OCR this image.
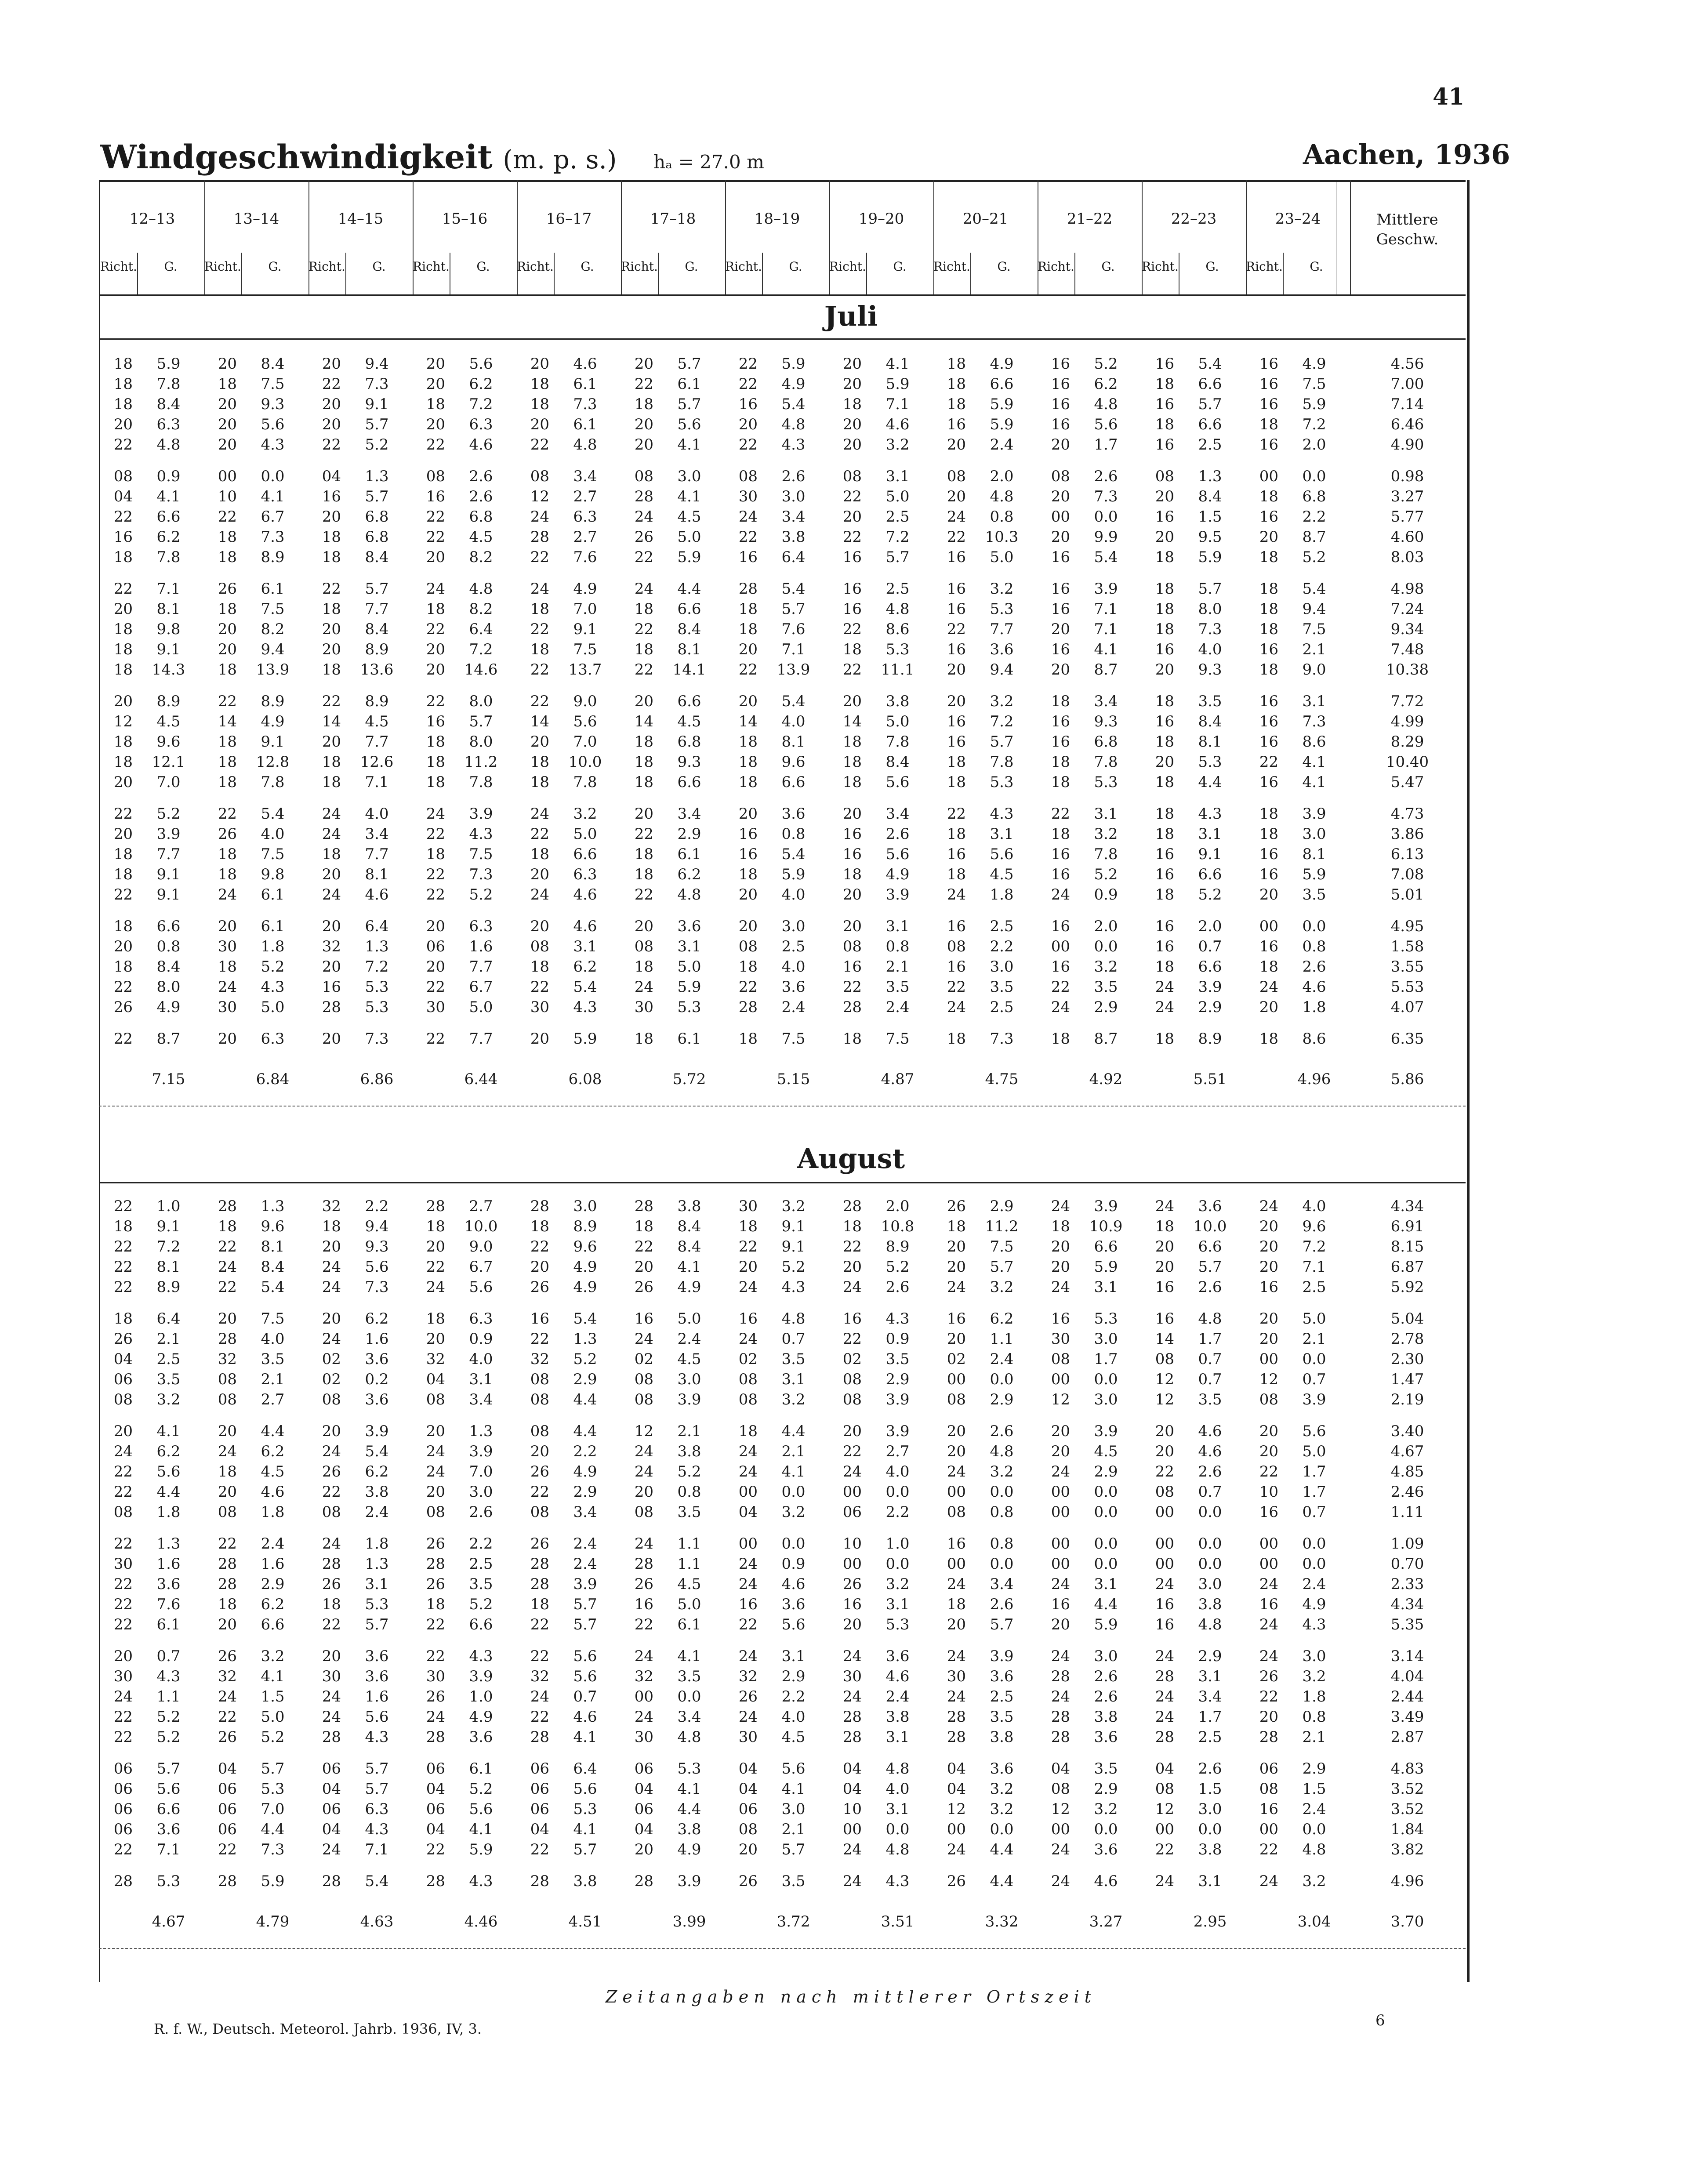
41
Windgeschwindigkeit (m. p. s.) hₐ = 27.0 m	Aachen, 1936
12–13
Richt.	G.
13–14
Richt.	G.
14–15
Richt.	G.
15–16
Richt.	G.
16–17
Richt.	G.
17–18
Richt.	G.
18–19
Richt.	G.
19–20
Richt.	G.
20–21
Richt.	G.
21–22
Richt.	G.
22–23
Richt.	G.
23–24
Richt.	G.
Mittlere
Geschw.
Juli
18	5.9	20	8.4	20	9.4	20	5.6	20	4.6	20	5.7	22	5.9	20	4.1	18	4.9	16	5.2	16	5.4	16	4.9	4.56
18	7.8	18	7.5	22	7.3	20	6.2	18	6.1	22	6.1	22	4.9	20	5.9	18	6.6	16	6.2	18	6.6	16	7.5	7.00
18	8.4	20	9.3	20	9.1	18	7.2	18	7.3	18	5.7	16	5.4	18	7.1	18	5.9	16	4.8	16	5.7	16	5.9	7.14
20	6.3	20	5.6	20	5.7	20	6.3	20	6.1	20	5.6	20	4.8	20	4.6	16	5.9	16	5.6	18	6.6	18	7.2	6.46
22	4.8	20	4.3	22	5.2	22	4.6	22	4.8	20	4.1	22	4.3	20	3.2	20	2.4	20	1.7	16	2.5	16	2.0	4.90
08	0.9	00	0.0	04	1.3	08	2.6	08	3.4	08	3.0	08	2.6	08	3.1	08	2.0	08	2.6	08	1.3	00	0.0	0.98
04	4.1	10	4.1	16	5.7	16	2.6	12	2.7	28	4.1	30	3.0	22	5.0	20	4.8	20	7.3	20	8.4	18	6.8	3.27
22	6.6	22	6.7	20	6.8	22	6.8	24	6.3	24	4.5	24	3.4	20	2.5	24	0.8	00	0.0	16	1.5	16	2.2	5.77
16	6.2	18	7.3	18	6.8	22	4.5	28	2.7	26	5.0	22	3.8	22	7.2	22	10.3	20	9.9	20	9.5	20	8.7	4.60
18	7.8	18	8.9	18	8.4	20	8.2	22	7.6	22	5.9	16	6.4	16	5.7	16	5.0	16	5.4	18	5.9	18	5.2	8.03
22	7.1	26	6.1	22	5.7	24	4.8	24	4.9	24	4.4	28	5.4	16	2.5	16	3.2	16	3.9	18	5.7	18	5.4	4.98
20	8.1	18	7.5	18	7.7	18	8.2	18	7.0	18	6.6	18	5.7	16	4.8	16	5.3	16	7.1	18	8.0	18	9.4	7.24
18	9.8	20	8.2	20	8.4	22	6.4	22	9.1	22	8.4	18	7.6	22	8.6	22	7.7	20	7.1	18	7.3	18	7.5	9.34
18	9.1	20	9.4	20	8.9	20	7.2	18	7.5	18	8.1	20	7.1	18	5.3	16	3.6	16	4.1	16	4.0	16	2.1	7.48
18	14.3	18	13.9	18	13.6	20	14.6	22	13.7	22	14.1	22	13.9	22	11.1	20	9.4	20	8.7	20	9.3	18	9.0	10.38
20	8.9	22	8.9	22	8.9	22	8.0	22	9.0	20	6.6	20	5.4	20	3.8	20	3.2	18	3.4	18	3.5	16	3.1	7.72
12	4.5	14	4.9	14	4.5	16	5.7	14	5.6	14	4.5	14	4.0	14	5.0	16	7.2	16	9.3	16	8.4	16	7.3	4.99
18	9.6	18	9.1	20	7.7	18	8.0	20	7.0	18	6.8	18	8.1	18	7.8	16	5.7	16	6.8	18	8.1	16	8.6	8.29
18	12.1	18	12.8	18	12.6	18	11.2	18	10.0	18	9.3	18	9.6	18	8.4	18	7.8	18	7.8	20	5.3	22	4.1	10.40
20	7.0	18	7.8	18	7.1	18	7.8	18	7.8	18	6.6	18	6.6	18	5.6	18	5.3	18	5.3	18	4.4	16	4.1	5.47
22	5.2	22	5.4	24	4.0	24	3.9	24	3.2	20	3.4	20	3.6	20	3.4	22	4.3	22	3.1	18	4.3	18	3.9	4.73
20	3.9	26	4.0	24	3.4	22	4.3	22	5.0	22	2.9	16	0.8	16	2.6	18	3.1	18	3.2	18	3.1	18	3.0	3.86
18	7.7	18	7.5	18	7.7	18	7.5	18	6.6	18	6.1	16	5.4	16	5.6	16	5.6	16	7.8	16	9.1	16	8.1	6.13
18	9.1	18	9.8	20	8.1	22	7.3	20	6.3	18	6.2	18	5.9	18	4.9	18	4.5	16	5.2	16	6.6	16	5.9	7.08
22	9.1	24	6.1	24	4.6	22	5.2	24	4.6	22	4.8	20	4.0	20	3.9	24	1.8	24	0.9	18	5.2	20	3.5	5.01
18	6.6	20	6.1	20	6.4	20	6.3	20	4.6	20	3.6	20	3.0	20	3.1	16	2.5	16	2.0	16	2.0	00	0.0	4.95
20	0.8	30	1.8	32	1.3	06	1.6	08	3.1	08	3.1	08	2.5	08	0.8	08	2.2	00	0.0	16	0.7	16	0.8	1.58
18	8.4	18	5.2	20	7.2	20	7.7	18	6.2	18	5.0	18	4.0	16	2.1	16	3.0	16	3.2	18	6.6	18	2.6	3.55
22	8.0	24	4.3	16	5.3	22	6.7	22	5.4	24	5.9	22	3.6	22	3.5	22	3.5	22	3.5	24	3.9	24	4.6	5.53
26	4.9	30	5.0	28	5.3	30	5.0	30	4.3	30	5.3	28	2.4	28	2.4	24	2.5	24	2.9	24	2.9	20	1.8	4.07
22	8.7	20	6.3	20	7.3	22	7.7	20	5.9	18	6.1	18	7.5	18	7.5	18	7.3	18	8.7	18	8.9	18	8.6	6.35
7.15	6.84	6.86	6.44	6.08	5.72	5.15	4.87	4.75	4.92	5.51	4.96	5.86
August
22	1.0	28	1.3	32	2.2	28	2.7	28	3.0	28	3.8	30	3.2	28	2.0	26	2.9	24	3.9	24	3.6	24	4.0	4.34
18	9.1	18	9.6	18	9.4	18	10.0	18	8.9	18	8.4	18	9.1	18	10.8	18	11.2	18	10.9	18	10.0	20	9.6	6.91
22	7.2	22	8.1	20	9.3	20	9.0	22	9.6	22	8.4	22	9.1	22	8.9	20	7.5	20	6.6	20	6.6	20	7.2	8.15
22	8.1	24	8.4	24	5.6	22	6.7	20	4.9	20	4.1	20	5.2	20	5.2	20	5.7	20	5.9	20	5.7	20	7.1	6.87
22	8.9	22	5.4	24	7.3	24	5.6	26	4.9	26	4.9	24	4.3	24	2.6	24	3.2	24	3.1	16	2.6	16	2.5	5.92
18	6.4	20	7.5	20	6.2	18	6.3	16	5.4	16	5.0	16	4.8	16	4.3	16	6.2	16	5.3	16	4.8	20	5.0	5.04
26	2.1	28	4.0	24	1.6	20	0.9	22	1.3	24	2.4	24	0.7	22	0.9	20	1.1	30	3.0	14	1.7	20	2.1	2.78
04	2.5	32	3.5	02	3.6	32	4.0	32	5.2	02	4.5	02	3.5	02	3.5	02	2.4	08	1.7	08	0.7	00	0.0	2.30
06	3.5	08	2.1	02	0.2	04	3.1	08	2.9	08	3.0	08	3.1	08	2.9	00	0.0	00	0.0	12	0.7	12	0.7	1.47
08	3.2	08	2.7	08	3.6	08	3.4	08	4.4	08	3.9	08	3.2	08	3.9	08	2.9	12	3.0	12	3.5	08	3.9	2.19
20	4.1	20	4.4	20	3.9	20	1.3	08	4.4	12	2.1	18	4.4	20	3.9	20	2.6	20	3.9	20	4.6	20	5.6	3.40
24	6.2	24	6.2	24	5.4	24	3.9	20	2.2	24	3.8	24	2.1	22	2.7	20	4.8	20	4.5	20	4.6	20	5.0	4.67
22	5.6	18	4.5	26	6.2	24	7.0	26	4.9	24	5.2	24	4.1	24	4.0	24	3.2	24	2.9	22	2.6	22	1.7	4.85
22	4.4	20	4.6	22	3.8	20	3.0	22	2.9	20	0.8	00	0.0	00	0.0	00	0.0	00	0.0	08	0.7	10	1.7	2.46
08	1.8	08	1.8	08	2.4	08	2.6	08	3.4	08	3.5	04	3.2	06	2.2	08	0.8	00	0.0	00	0.0	16	0.7	1.11
22	1.3	22	2.4	24	1.8	26	2.2	26	2.4	24	1.1	00	0.0	10	1.0	16	0.8	00	0.0	00	0.0	00	0.0	1.09
30	1.6	28	1.6	28	1.3	28	2.5	28	2.4	28	1.1	24	0.9	00	0.0	00	0.0	00	0.0	00	0.0	00	0.0	0.70
22	3.6	28	2.9	26	3.1	26	3.5	28	3.9	26	4.5	24	4.6	26	3.2	24	3.4	24	3.1	24	3.0	24	2.4	2.33
22	7.6	18	6.2	18	5.3	18	5.2	18	5.7	16	5.0	16	3.6	16	3.1	18	2.6	16	4.4	16	3.8	16	4.9	4.34
22	6.1	20	6.6	22	5.7	22	6.6	22	5.7	22	6.1	22	5.6	20	5.3	20	5.7	20	5.9	16	4.8	24	4.3	5.35
20	0.7	26	3.2	20	3.6	22	4.3	22	5.6	24	4.1	24	3.1	24	3.6	24	3.9	24	3.0	24	2.9	24	3.0	3.14
30	4.3	32	4.1	30	3.6	30	3.9	32	5.6	32	3.5	32	2.9	30	4.6	30	3.6	28	2.6	28	3.1	26	3.2	4.04
24	1.1	24	1.5	24	1.6	26	1.0	24	0.7	00	0.0	26	2.2	24	2.4	24	2.5	24	2.6	24	3.4	22	1.8	2.44
22	5.2	22	5.0	24	5.6	24	4.9	22	4.6	24	3.4	24	4.0	28	3.8	28	3.5	28	3.8	24	1.7	20	0.8	3.49
22	5.2	26	5.2	28	4.3	28	3.6	28	4.1	30	4.8	30	4.5	28	3.1	28	3.8	28	3.6	28	2.5	28	2.1	2.87
06	5.7	04	5.7	06	5.7	06	6.1	06	6.4	06	5.3	04	5.6	04	4.8	04	3.6	04	3.5	04	2.6	06	2.9	4.83
06	5.6	06	5.3	04	5.7	04	5.2	06	5.6	04	4.1	04	4.1	04	4.0	04	3.2	08	2.9	08	1.5	08	1.5	3.52
06	6.6	06	7.0	06	6.3	06	5.6	06	5.3	06	4.4	06	3.0	10	3.1	12	3.2	12	3.2	12	3.0	16	2.4	3.52
06	3.6	06	4.4	04	4.3	04	4.1	04	4.1	04	3.8	08	2.1	00	0.0	00	0.0	00	0.0	00	0.0	00	0.0	1.84
22	7.1	22	7.3	24	7.1	22	5.9	22	5.7	20	4.9	20	5.7	24	4.8	24	4.4	24	3.6	22	3.8	22	4.8	3.82
28	5.3	28	5.9	28	5.4	28	4.3	28	3.8	28	3.9	26	3.5	24	4.3	26	4.4	24	4.6	24	3.1	24	3.2	4.96
4.67	4.79	4.63	4.46	4.51	3.99	3.72	3.51	3.32	3.27	2.95	3.04	3.70
Zeitangaben nach mittlerer Ortszeit
R. f. W., Deutsch. Meteorol. Jahrb. 1936, IV, 3.	6
